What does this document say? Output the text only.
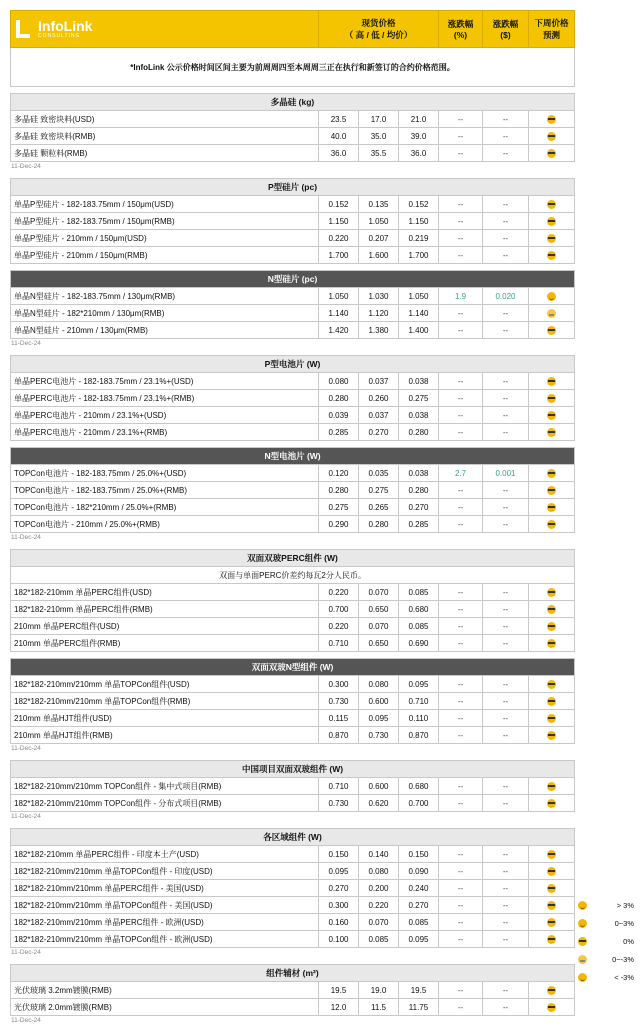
InfoLink
CONSULTING

现货价格
（ 高 / 低 / 均价）

涨跌幅
(%)

涨跌幅
($)

下周价格
预测

*InfoLink 公示价格时间区间主要为前周周四至本周周三正在执行和新签订的合约价格范围。
多晶硅 (kg)						
多晶硅 致密块料(USD)	23.5	17.0	21.0	--	--	
多晶硅 致密块料(RMB)	40.0	35.0	39.0	--	--	
多晶硅 颗粒料(RMB)	36.0	35.5	36.0	--	--	
11-Dec-24
P型硅片 (pc)						
单晶P型硅片 - 182-183.75mm / 150μm(USD)	0.152	0.135	0.152	--	--	
单晶P型硅片 - 182-183.75mm / 150μm(RMB)	1.150	1.050	1.150	--	--	
单晶P型硅片 - 210mm / 150μm(USD)	0.220	0.207	0.219	--	--	
单晶P型硅片 - 210mm / 150μm(RMB)	1.700	1.600	1.700	--	--	
N型硅片 (pc)						
单晶N型硅片 - 182-183.75mm / 130μm(RMB)	1.050	1.030	1.050	1.9	0.020	
单晶N型硅片 - 182*210mm / 130μm(RMB)	1.140	1.120	1.140	--	--	
单晶N型硅片 - 210mm / 130μm(RMB)	1.420	1.380	1.400	--	--	
11-Dec-24
P型电池片 (W)						
单晶PERC电池片 - 182-183.75mm / 23.1%+(USD)	0.080	0.037	0.038	--	--	
单晶PERC电池片 - 182-183.75mm / 23.1%+(RMB)	0.280	0.260	0.275	--	--	
单晶PERC电池片 - 210mm / 23.1%+(USD)	0.039	0.037	0.038	--	--	
单晶PERC电池片 - 210mm / 23.1%+(RMB)	0.285	0.270	0.280	--	--	
N型电池片 (W)						
TOPCon电池片 - 182-183.75mm / 25.0%+(USD)	0.120	0.035	0.038	2.7	0.001	
TOPCon电池片 - 182-183.75mm / 25.0%+(RMB)	0.280	0.275	0.280	--	--	
TOPCon电池片 - 182*210mm / 25.0%+(RMB)	0.275	0.265	0.270	--	--	
TOPCon电池片 - 210mm / 25.0%+(RMB)	0.290	0.280	0.285	--	--	
11-Dec-24
双面双玻PERC组件 (W)						
双面与单面PERC价差约每瓦2分人民币。						
182*182-210mm 单晶PERC组件(USD)	0.220	0.070	0.085	--	--	
182*182-210mm 单晶PERC组件(RMB)	0.700	0.650	0.680	--	--	
210mm 单晶PERC组件(USD)	0.220	0.070	0.085	--	--	
210mm 单晶PERC组件(RMB)	0.710	0.650	0.690	--	--	
双面双玻N型组件 (W)						
182*182-210mm/210mm 单晶TOPCon组件(USD)	0.300	0.080	0.095	--	--	
182*182-210mm/210mm 单晶TOPCon组件(RMB)	0.730	0.600	0.710	--	--	
210mm 单晶HJT组件(USD)	0.115	0.095	0.110	--	--	
210mm 单晶HJT组件(RMB)	0.870	0.730	0.870	--	--	
11-Dec-24
中国项目双面双玻组件 (W)						
182*182-210mm/210mm TOPCon组件 - 集中式项目(RMB)	0.710	0.600	0.680	--	--	
182*182-210mm/210mm TOPCon组件 - 分布式项目(RMB)	0.730	0.620	0.700	--	--	
11-Dec-24
各区域组件 (W)						
182*182-210mm 单晶PERC组件 - 印度本土产(USD)	0.150	0.140	0.150	--	--	
182*182-210mm/210mm 单晶TOPCon组件 - 印度(USD)	0.095	0.080	0.090	--	--	
182*182-210mm/210mm 单晶PERC组件 - 美国(USD)	0.270	0.200	0.240	--	--	
182*182-210mm/210mm 单晶TOPCon组件 - 美国(USD)	0.300	0.220	0.270	--	--	
182*182-210mm/210mm 单晶PERC组件 - 欧洲(USD)	0.160	0.070	0.085	--	--	
182*182-210mm/210mm 单晶TOPCon组件 - 欧洲(USD)	0.100	0.085	0.095	--	--	
11-Dec-24
组件辅材 (m²)						
光伏玻璃 3.2mm镀膜(RMB)	19.5	19.0	19.5	--	--	
光伏玻璃 2.0mm镀膜(RMB)	12.0	11.5	11.75	--	--	
11-Dec-24
> 3%
0~3%
0%
0~-3%
< -3%
